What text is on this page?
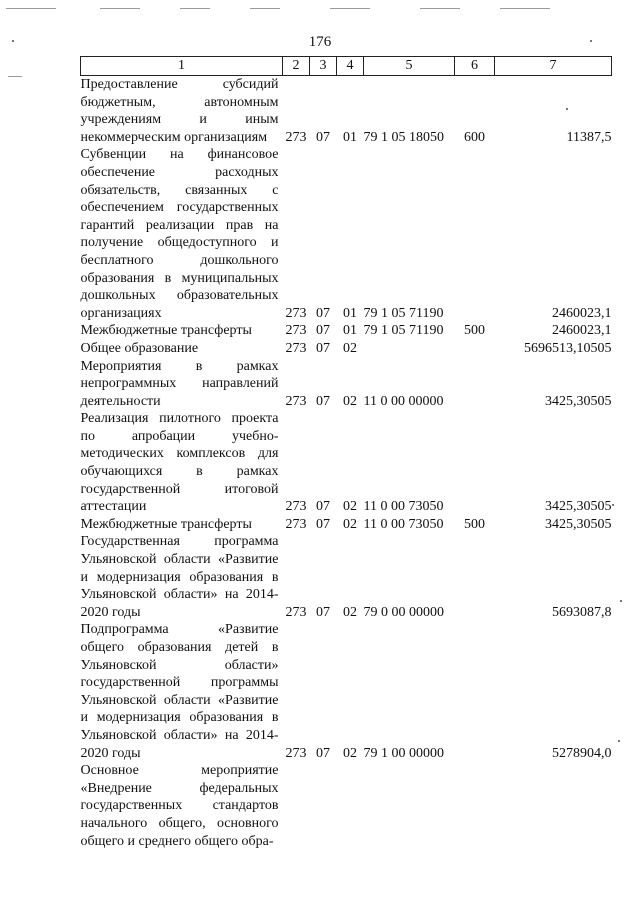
176
1	2	3	4	5	6	7
Предоставление субсидий бюджетным, автономным учреждениям и иным некоммерческим организациям	273	07	01	79 1 05 18050	600	11387,5
Субвенции на финансовое обеспечение расходных обязательств, связанных с обеспечением государственных гарантий реализации прав на получение общедоступного и бесплатного дошкольного образования в муниципальных дошкольных образовательных организациях	273	07	01	79 1 05 71190		2460023,1
Межбюджетные трансферты	273	07	01	79 1 05 71190	500	2460023,1
Общее образование	273	07	02			5696513,10505
Мероприятия в рамках непрограммных направлений деятельности	273	07	02	11 0 00 00000		3425,30505
Реализация пилотного проекта по апробации учебно-методических комплексов для обучающихся в рамках государственной итоговой аттестации	273	07	02	11 0 00 73050		3425,30505
Межбюджетные трансферты	273	07	02	11 0 00 73050	500	3425,30505
Государственная программа Ульяновской области «Развитие и модернизация образования в Ульяновской области» на 2014-2020 годы	273	07	02	79 0 00 00000		5693087,8
Подпрограмма «Развитие общего образования детей в Ульяновской области» государственной программы Ульяновской области «Развитие и модернизация образования в Ульяновской области» на 2014-2020 годы	273	07	02	79 1 00 00000		5278904,0
Основное мероприятие «Внедрение федеральных государственных стандартов начального общего, основного общего и среднего общего обра-						
